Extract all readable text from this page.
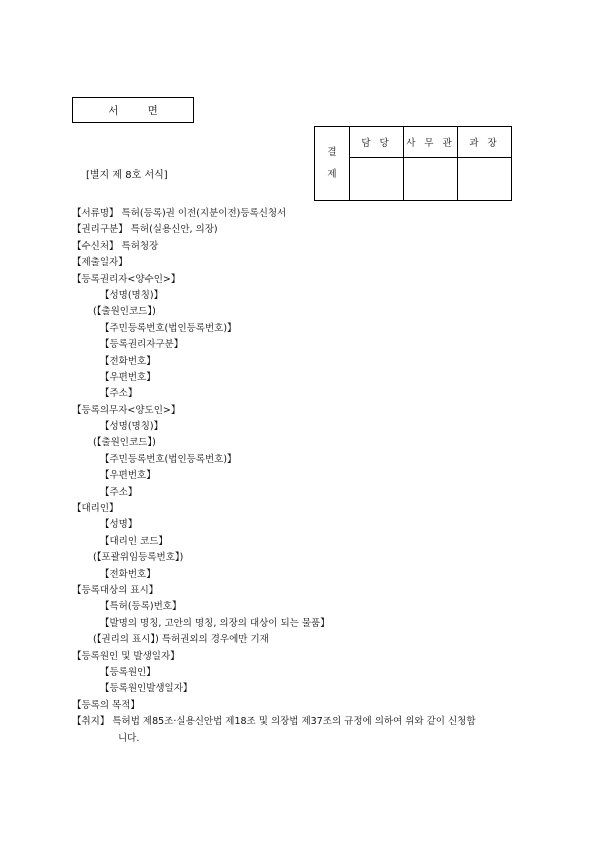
서 면
[별지 제 8호 서식]
결
제	담 당	사 무 관	과 장

【서류명】 특허(등록)권 이전(지분이전)등록신청서
【권리구분】 특허(실용신안, 의장)
【수신처】 특허청장
【제출일자】
【등록권리자<양수인>】
【성명(명칭)】
(【출원인코드】)
【주민등록번호(법인등록번호)】
【등록권리자구분】
【전화번호】
【우편번호】
【주소】
【등록의무자<양도인>】
【성명(명칭)】
(【출원인코드】)
【주민등록번호(법인등록번호)】
【우편번호】
【주소】
【대리인】
【성명】
【대리인 코드】
(【포괄위임등록번호】)
【전화번호】
【등록대상의 표시】
【특허(등록)번호】
【발명의 명칭, 고안의 명칭, 의장의 대상이 되는 물품】
(【권리의 표시】) 특허권외의 경우에만 기재
【등록원인 및 발생일자】
【등록원인】
【등록원인발생일자】
【등록의 목적】
【취지】 특허법 제85조·실용신안법 제18조 및 의장법 제37조의 규정에 의하여 위와 같이 신청합
니다.
